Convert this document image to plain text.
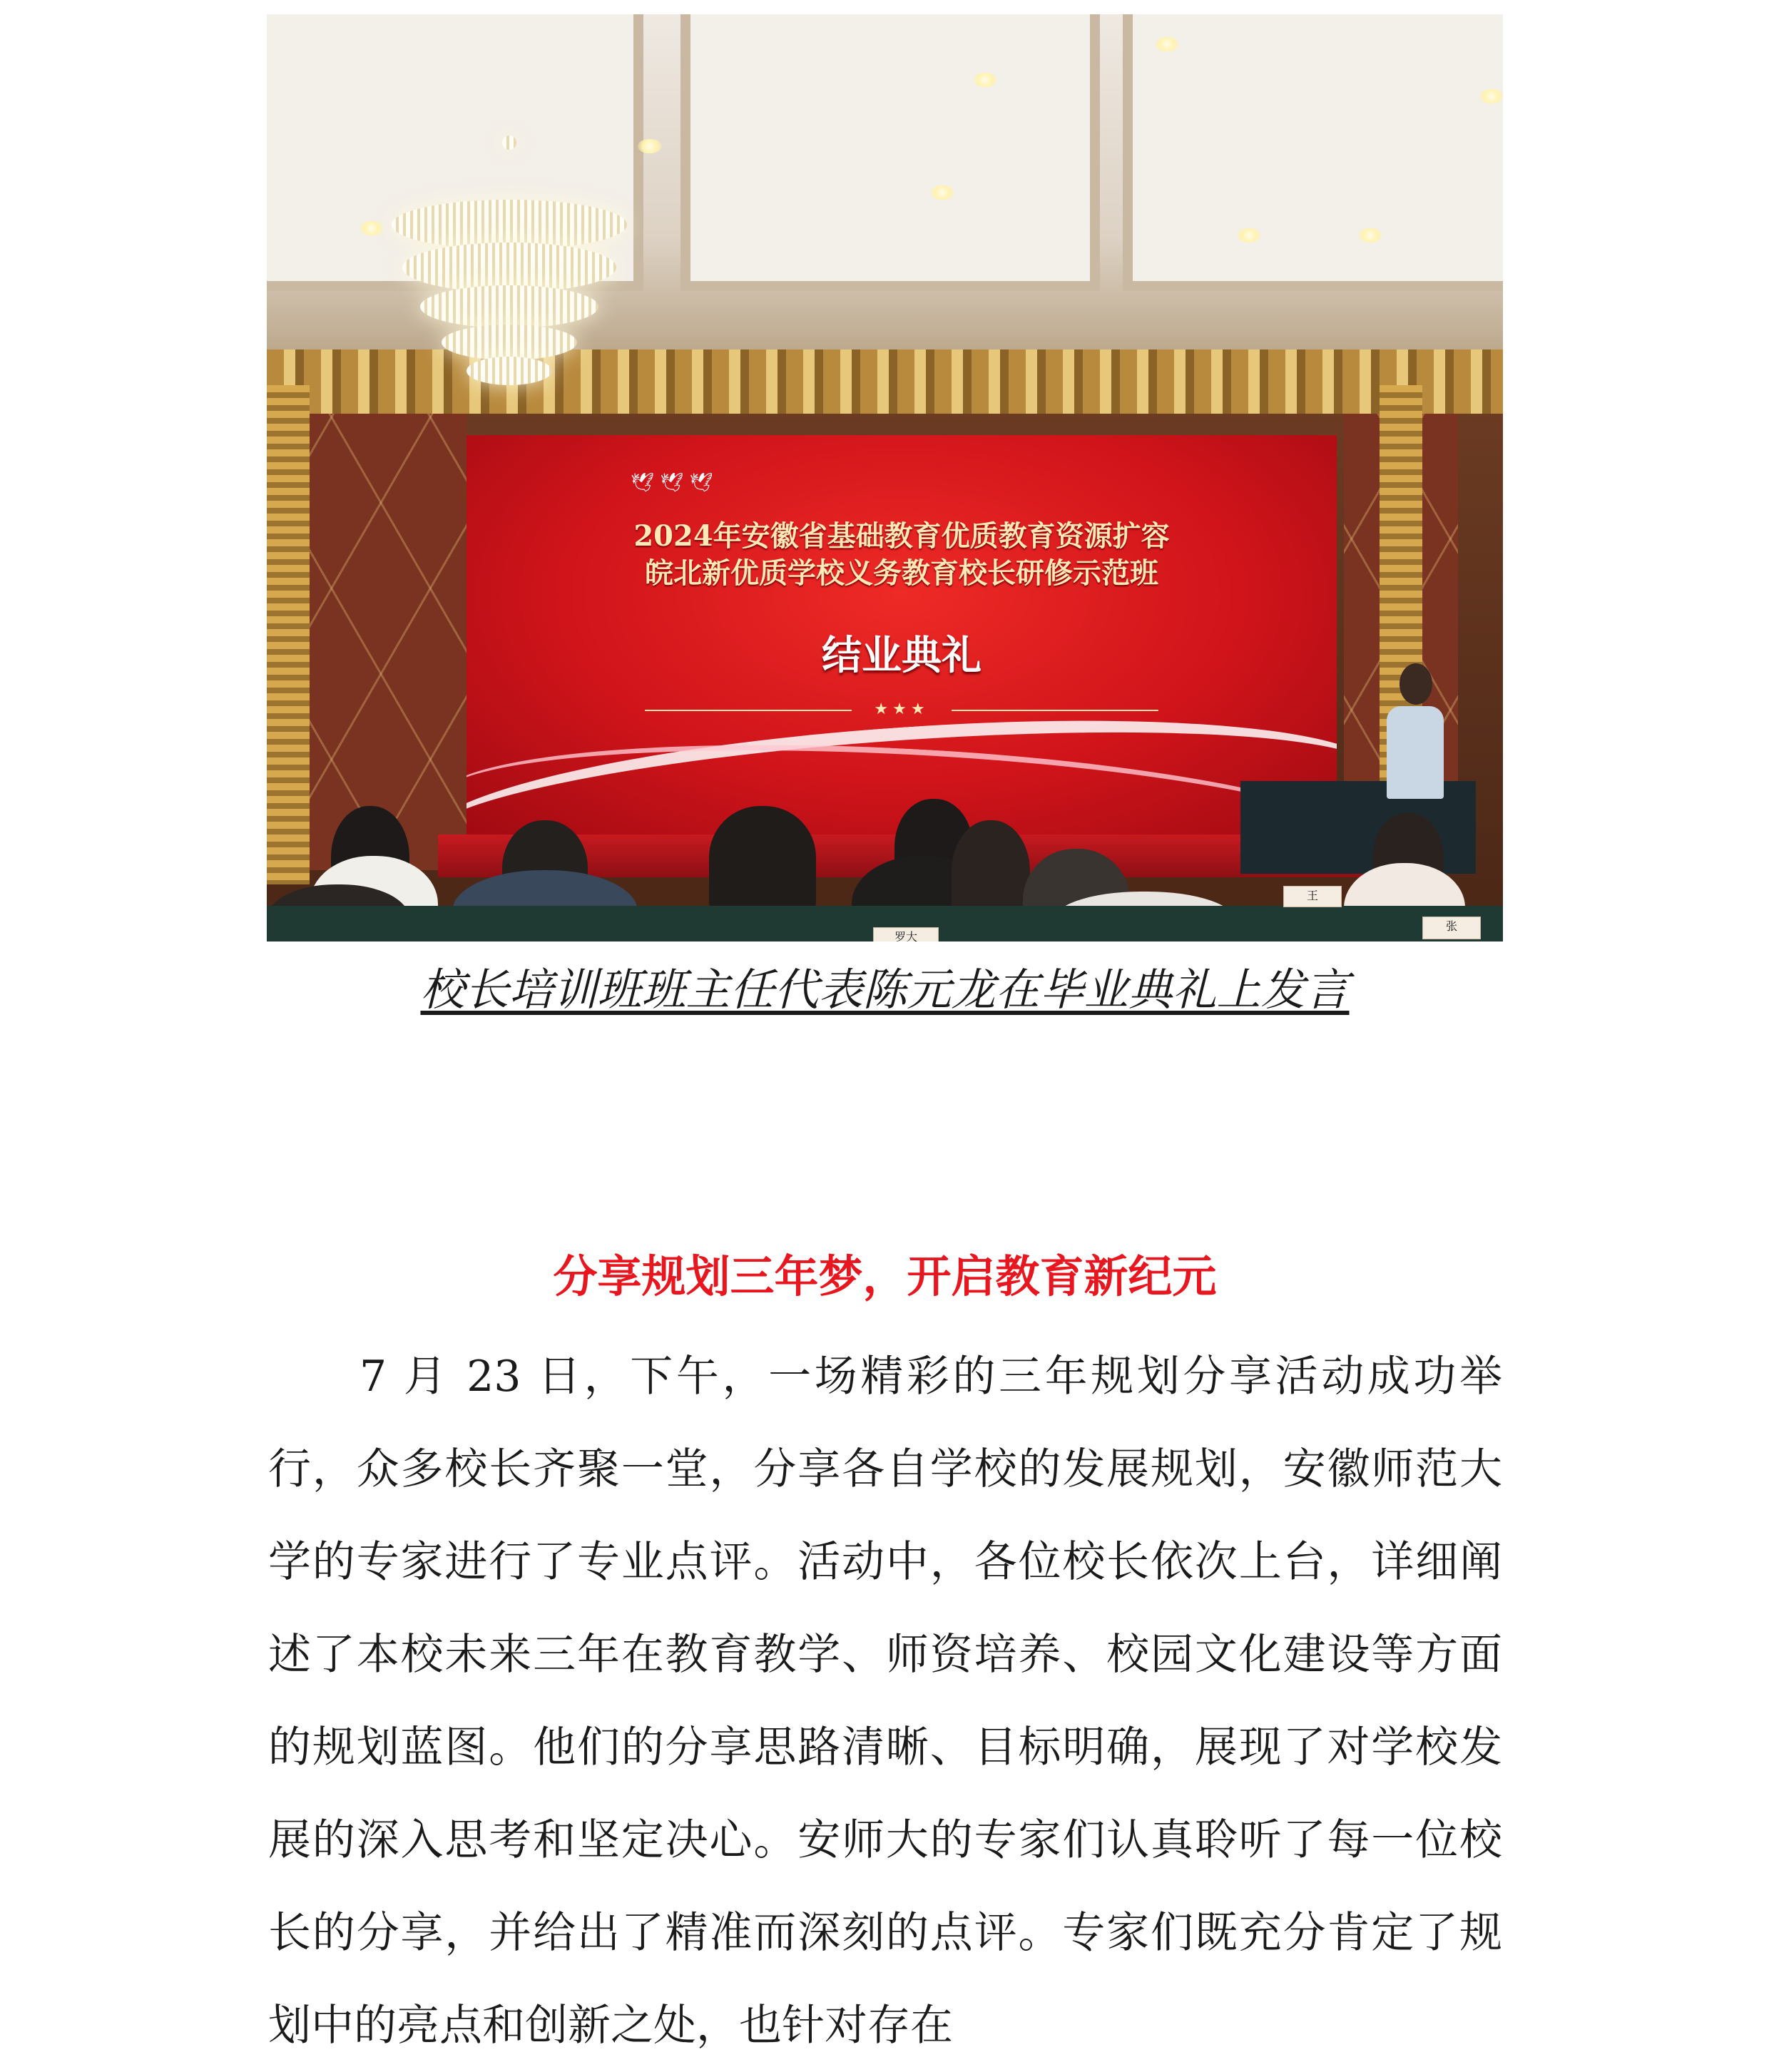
🕊 🕊 🕊
2024年安徽省基础教育优质教育资源扩容
皖北新优质学校义务教育校长研修示范班
结业典礼
★★★
罗大
王
张
校长培训班班主任代表陈元龙在毕业典礼上发言
分享规划三年梦，开启教育新纪元
7 月 23 日，下午，一场精彩的三年规划分享活动成功举行，众多校长齐聚一堂，分享各自学校的发展规划，安徽师范大学的专家进行了专业点评。活动中，各位校长依次上台，详细阐述了本校未来三年在教育教学、师资培养、校园文化建设等方面的规划蓝图。他们的分享思路清晰、目标明确，展现了对学校发展的深入思考和坚定决心。安师大的专家们认真聆听了每一位校长的分享，并给出了精准而深刻的点评。专家们既充分肯定了规划中的亮点和创新之处，也针对存在
